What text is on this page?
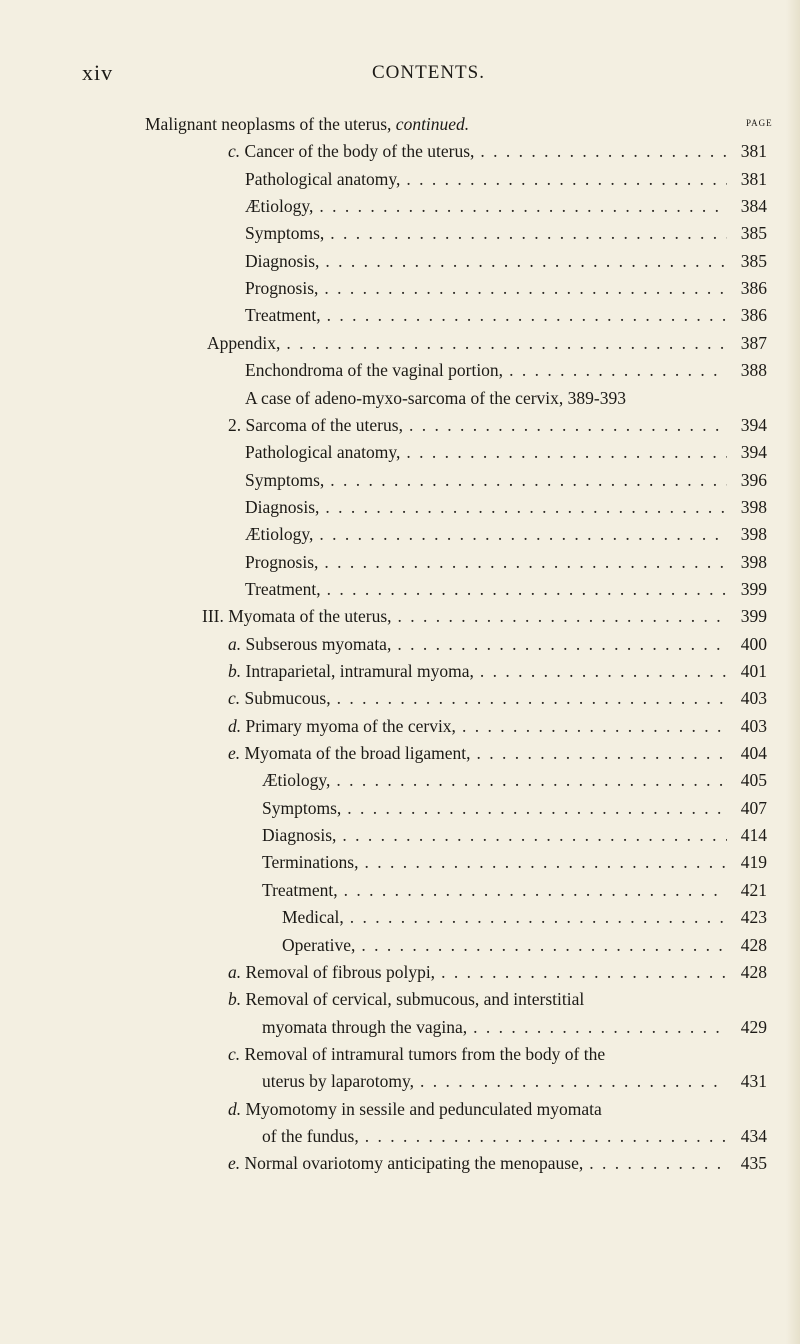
xiv	CONTENTS.
PAGE
Malignant neoplasms of the uterus, continued.
c. Cancer of the body of the uterus, . . .	381
Pathological anatomy, . . .	381
Ætiology, . . .	384
Symptoms, . . .	385
Diagnosis, . . .	385
Prognosis, . . .	386
Treatment, . . .	386
Appendix, . . .	387
Enchondroma of the vaginal portion, . . .	388
A case of adeno-myxo-sarcoma of the cervix, 389-393
2. Sarcoma of the uterus, . . .	394
Pathological anatomy, . . .	394
Symptoms, . . .	396
Diagnosis, . . .	398
Ætiology, . . .	398
Prognosis, . . .	398
Treatment, . . .	399
III. Myomata of the uterus, . . .	399
a. Subserous myomata, . . .	400
b. Intraparietal, intramural myoma, . . .	401
c. Submucous, . . .	403
d. Primary myoma of the cervix, . . .	403
e. Myomata of the broad ligament, . . .	404
Ætiology, . . .	405
Symptoms, . . .	407
Diagnosis, . . .	414
Terminations, . . .	419
Treatment, . . .	421
Medical, . . .	423
Operative, . . .	428
a. Removal of fibrous polypi, . . .	428
b. Removal of cervical, submucous, and interstitial
myomata through the vagina, . . .	429
c. Removal of intramural tumors from the body of the
uterus by laparotomy, . . .	431
d. Myomotomy in sessile and pedunculated myomata
of the fundus, . . .	434
e. Normal ovariotomy anticipating the menopause, . . .	435
